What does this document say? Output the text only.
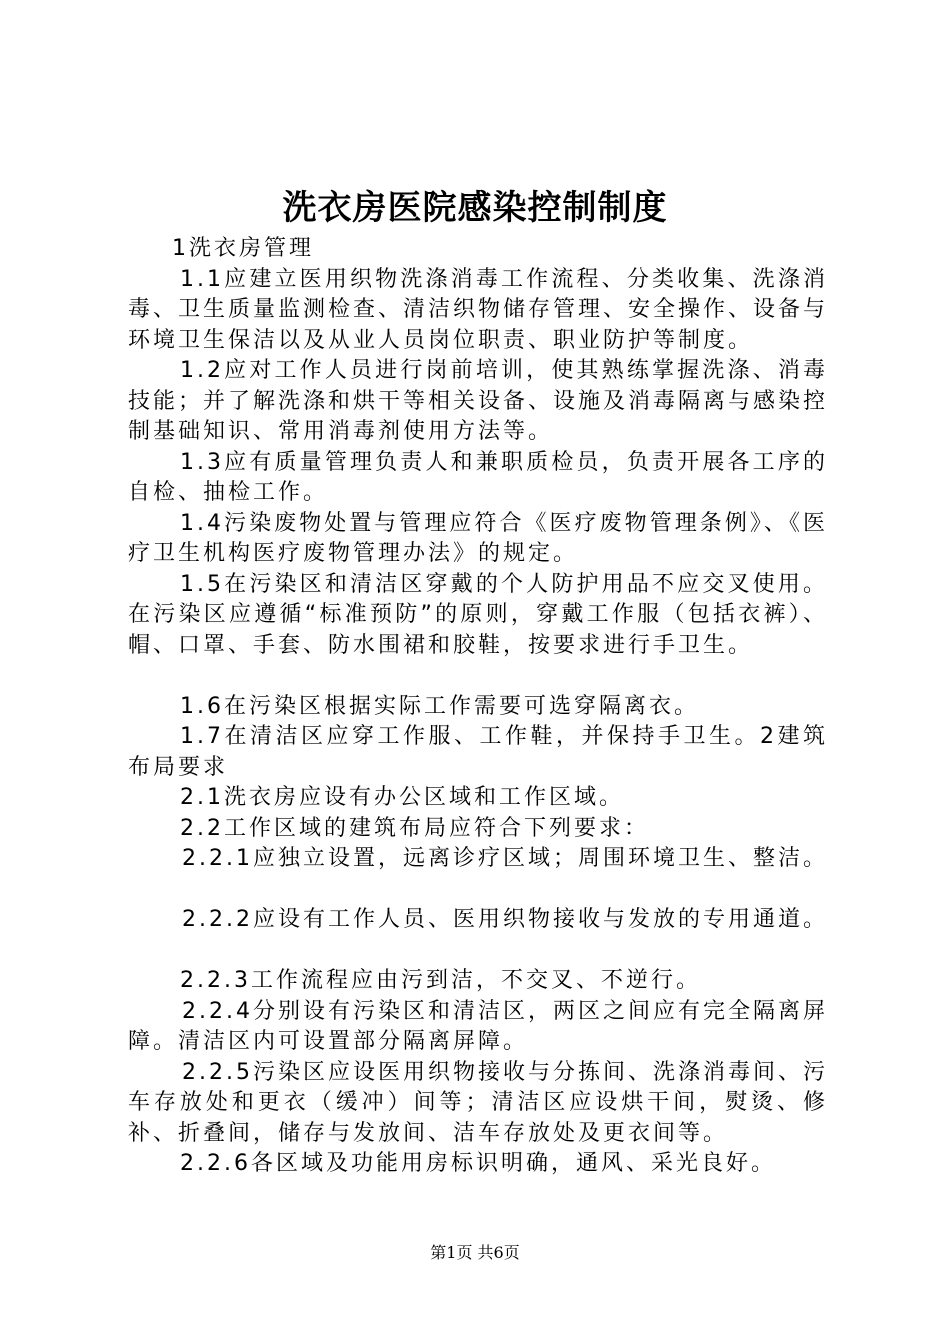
洗衣房医院感染控制制度

1洗衣房管理

1.1应建立医用织物洗涤消毒工作流程、分类收集、洗涤消毒、卫生质量监测检查、清洁织物储存管理、安全操作、设备与环境卫生保洁以及从业人员岗位职责、职业防护等制度。

1.2应对工作人员进行岗前培训，使其熟练掌握洗涤、消毒技能；并了解洗涤和烘干等相关设备、设施及消毒隔离与感染控制基础知识、常用消毒剂使用方法等。

1.3应有质量管理负责人和兼职质检员，负责开展各工序的自检、抽检工作。

1.4污染废物处置与管理应符合《医疗废物管理条例》、《医疗卫生机构医疗废物管理办法》的规定。

1.5在污染区和清洁区穿戴的个人防护用品不应交叉使用。在污染区应遵循“标准预防”的原则，穿戴工作服（包括衣裤）、帽、口罩、手套、防水围裙和胶鞋，按要求进行手卫生。

1.6在污染区根据实际工作需要可选穿隔离衣。

1.7在清洁区应穿工作服、工作鞋，并保持手卫生。2建筑布局要求

2.1洗衣房应设有办公区域和工作区域。

2.2工作区域的建筑布局应符合下列要求：

2.2.1应独立设置，远离诊疗区域；周围环境卫生、整洁。

2.2.2应设有工作人员、医用织物接收与发放的专用通道。

2.2.3工作流程应由污到洁，不交叉、不逆行。

2.2.4分别设有污染区和清洁区，两区之间应有完全隔离屏障。清洁区内可设置部分隔离屏障。

2.2.5污染区应设医用织物接收与分拣间、洗涤消毒间、污车存放处和更衣（缓冲）间等；清洁区应设烘干间，熨烫、修补、折叠间，储存与发放间、洁车存放处及更衣间等。

2.2.6各区域及功能用房标识明确，通风、采光良好。

第1页 共6页
